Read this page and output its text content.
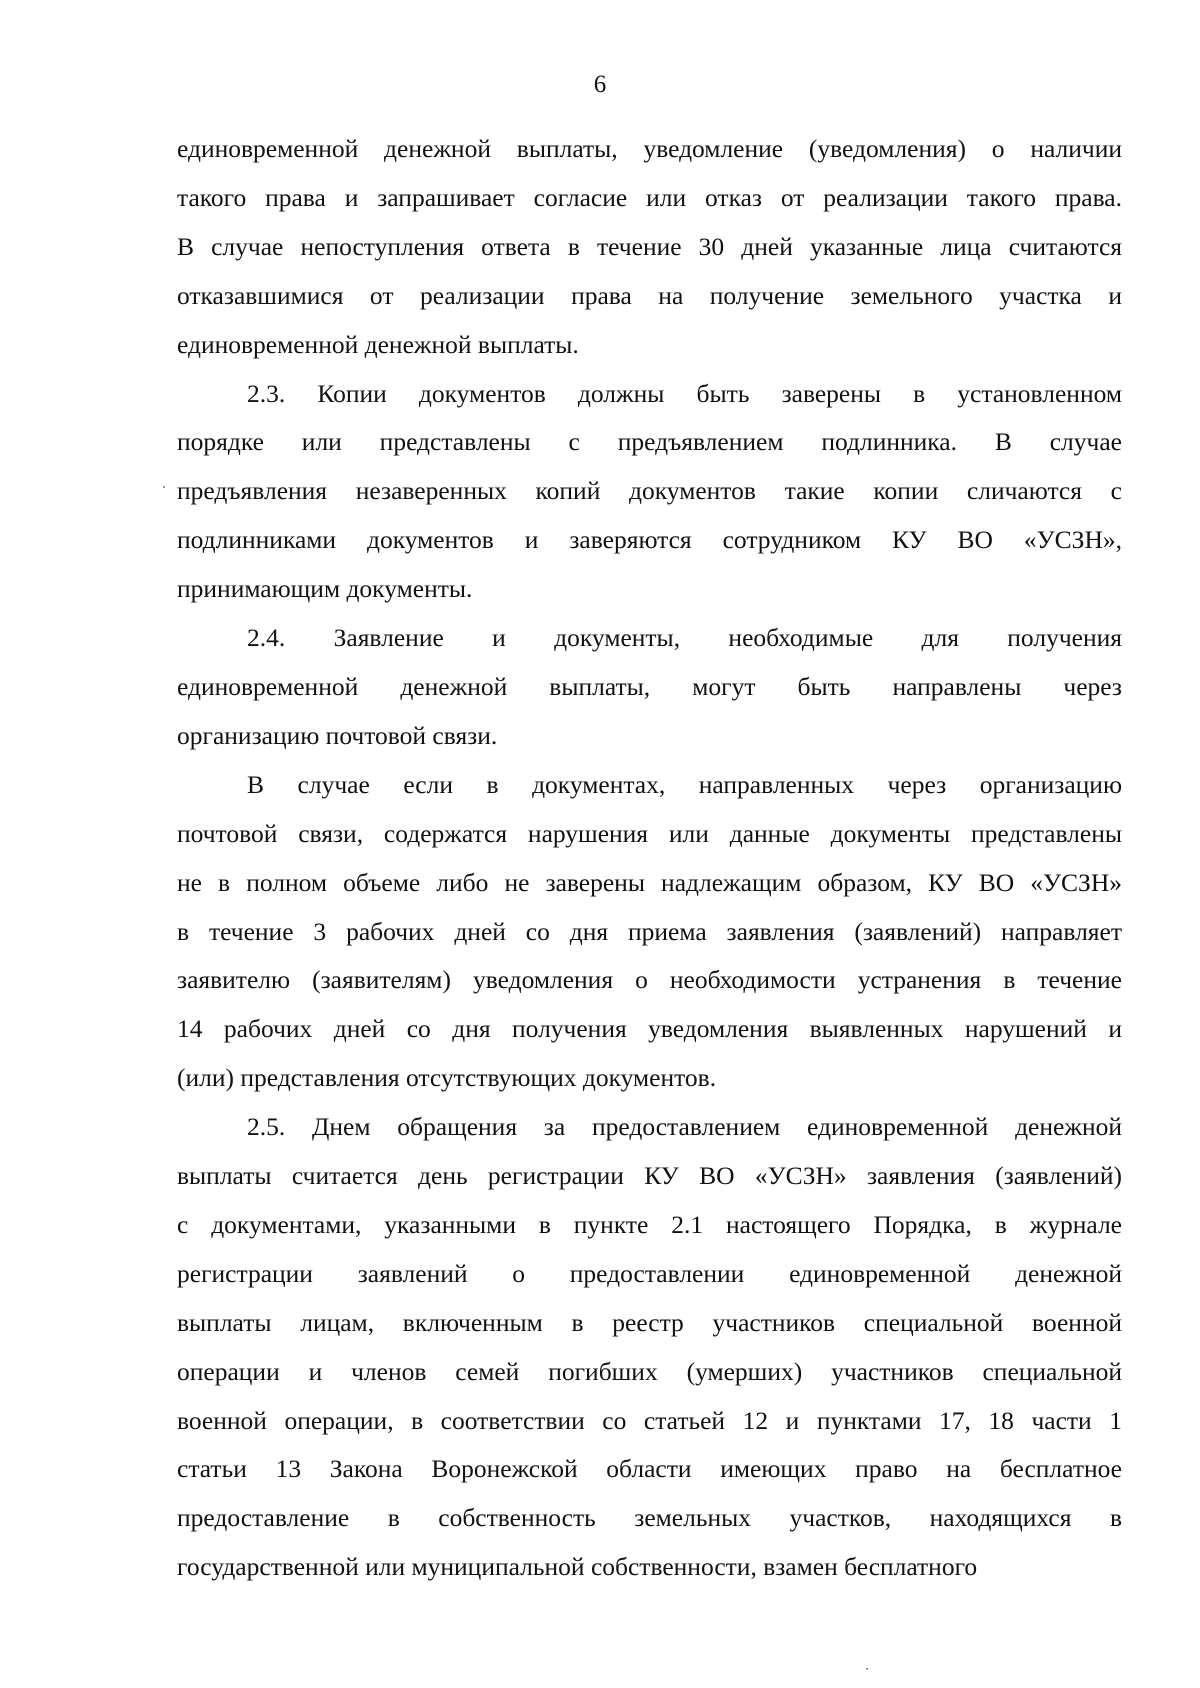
6
единовременной денежной выплаты, уведомление (уведомления) о наличии
такого права и запрашивает согласие или отказ от реализации такого права.
В случае непоступления ответа в течение 30 дней указанные лица считаются
отказавшимися от реализации права на получение земельного участка и
единовременной денежной выплаты.
2.3. Копии документов должны быть заверены в установленном
порядке или представлены с предъявлением подлинника. В случае
предъявления незаверенных копий документов такие копии сличаются с
подлинниками документов и заверяются сотрудником КУ ВО «УСЗН»,
принимающим документы.
2.4. Заявление и документы, необходимые для получения
единовременной денежной выплаты, могут быть направлены через
организацию почтовой связи.
В случае если в документах, направленных через организацию
почтовой связи, содержатся нарушения или данные документы представлены
не в полном объеме либо не заверены надлежащим образом, КУ ВО «УСЗН»
в течение 3 рабочих дней со дня приема заявления (заявлений) направляет
заявителю (заявителям) уведомления о необходимости устранения в течение
14 рабочих дней со дня получения уведомления выявленных нарушений и
(или) представления отсутствующих документов.
2.5. Днем обращения за предоставлением единовременной денежной
выплаты считается день регистрации КУ ВО «УСЗН» заявления (заявлений)
с документами, указанными в пункте 2.1 настоящего Порядка, в журнале
регистрации заявлений о предоставлении единовременной денежной
выплаты лицам, включенным в реестр участников специальной военной
операции и членов семей погибших (умерших) участников специальной
военной операции, в соответствии со статьей 12 и пунктами 17, 18 части 1
статьи 13 Закона Воронежской области имеющих право на бесплатное
предоставление в собственность земельных участков, находящихся в
государственной или муниципальной собственности, взамен бесплатного
